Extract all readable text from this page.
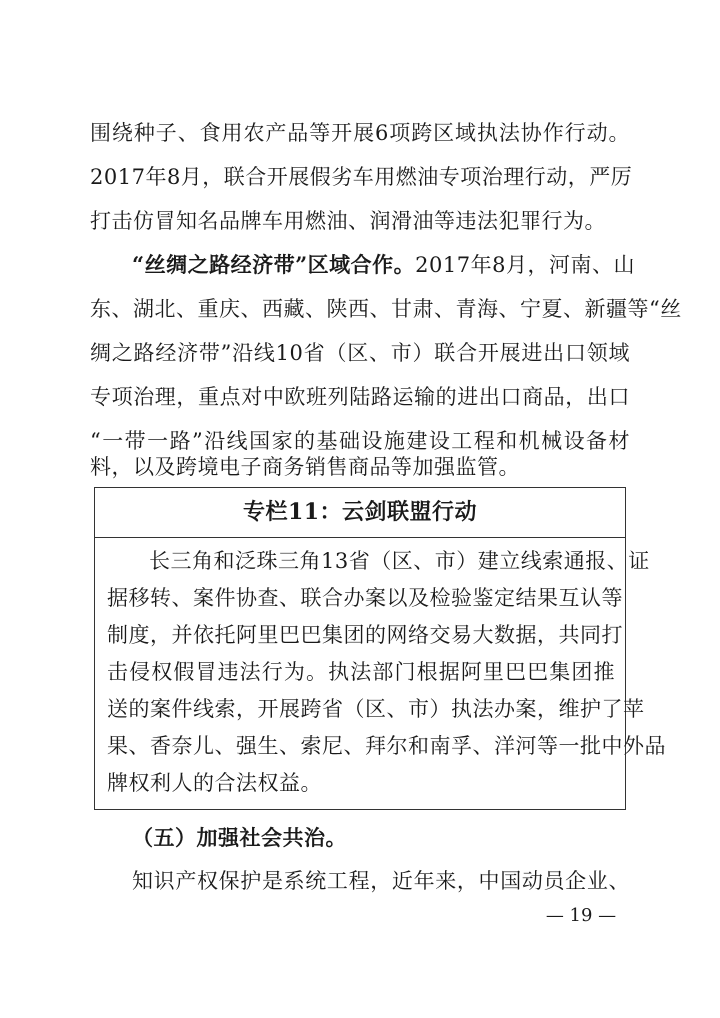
围绕种子、食用农产品等开展6项跨区域执法协作行动。
2017年8月，联合开展假劣车用燃油专项治理行动，严厉
打击仿冒知名品牌车用燃油、润滑油等违法犯罪行为。
“丝绸之路经济带”区域合作。2017年8月，河南、山
东、湖北、重庆、西藏、陕西、甘肃、青海、宁夏、新疆等“丝
绸之路经济带”沿线10省（区、市）联合开展进出口领域
专项治理，重点对中欧班列陆路运输的进出口商品，出口
“一带一路”沿线国家的基础设施建设工程和机械设备材
料，以及跨境电子商务销售商品等加强监管。
专栏11：云剑联盟行动
长三角和泛珠三角13省（区、市）建立线索通报、证
据移转、案件协查、联合办案以及检验鉴定结果互认等
制度，并依托阿里巴巴集团的网络交易大数据，共同打
击侵权假冒违法行为。执法部门根据阿里巴巴集团推
送的案件线索，开展跨省（区、市）执法办案，维护了苹
果、香奈儿、强生、索尼、拜尔和南孚、洋河等一批中外品
牌权利人的合法权益。
（五）加强社会共治。
知识产权保护是系统工程，近年来，中国动员企业、
— 19 —
